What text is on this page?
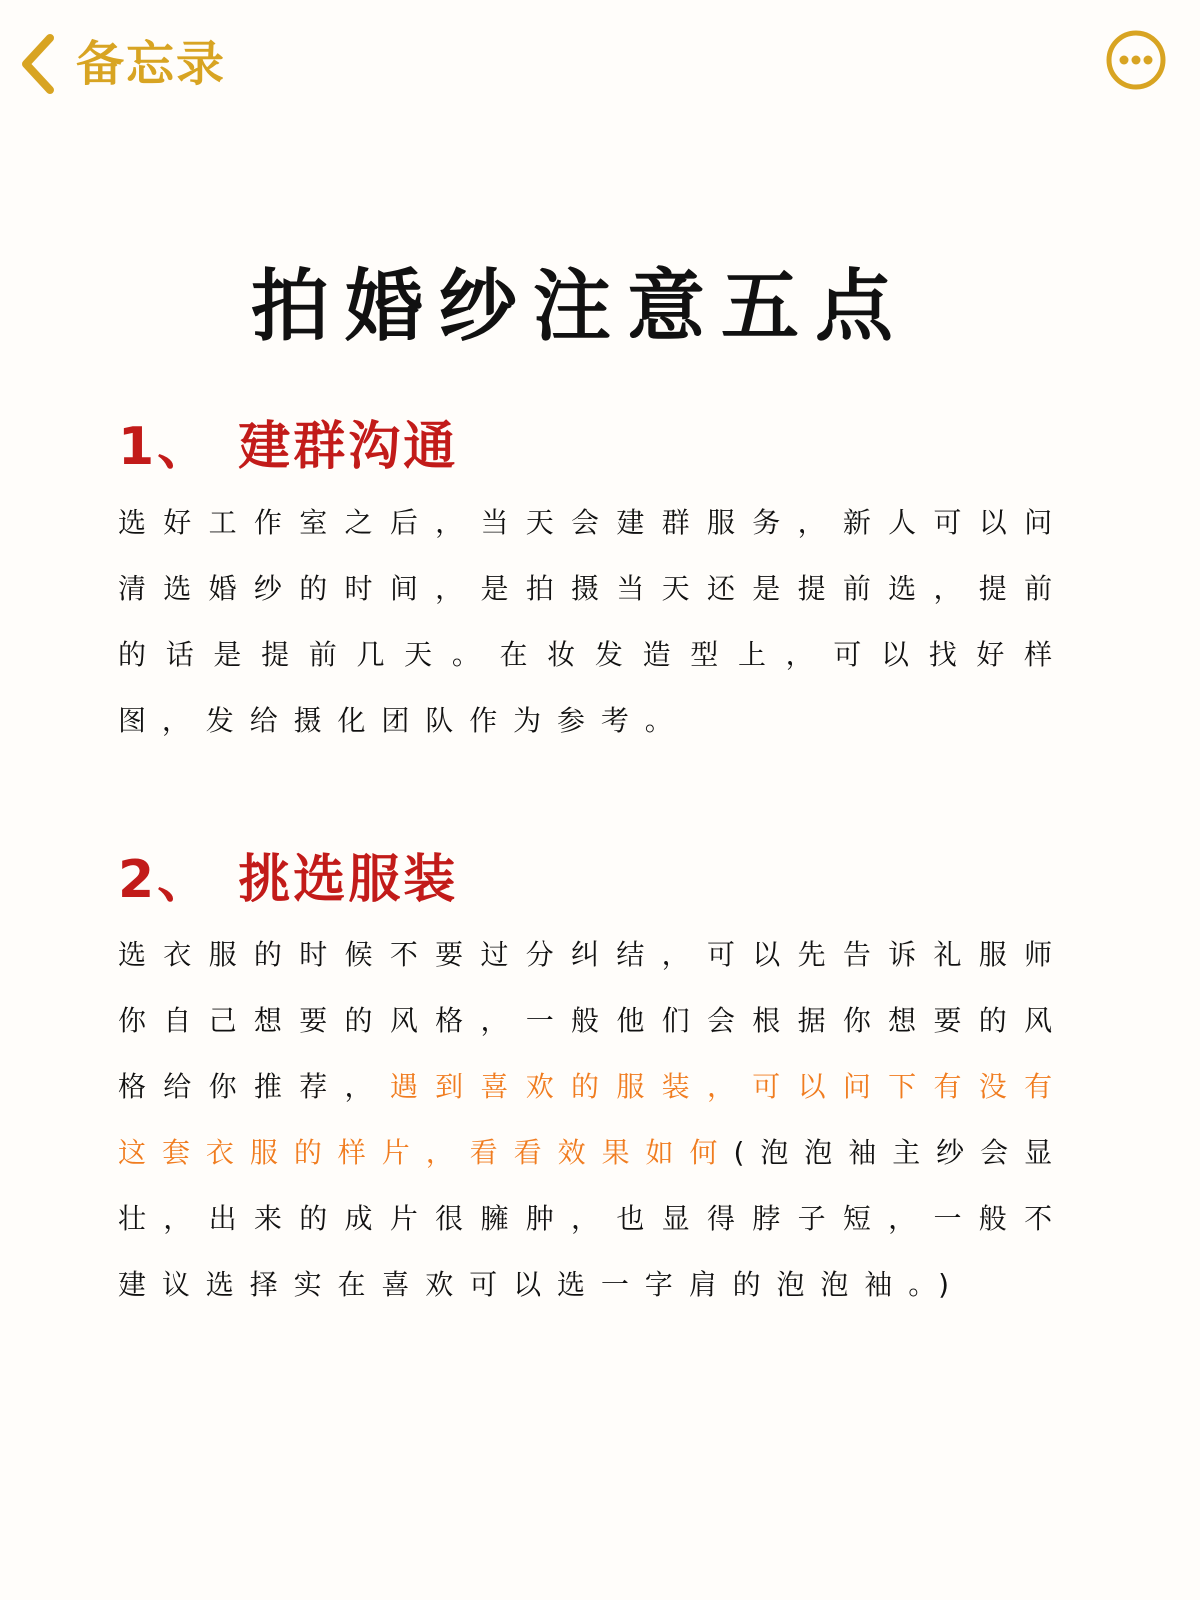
备忘录
拍婚纱注意五点
1、 建群沟通
选好工作室之后，当天会建群服务，新人可以问清选婚纱的时间，是拍摄当天还是提前选，提前的话是提前几天。在妆发造型上，可以找好样图，发给摄化团队作为参考。
2、 挑选服装
选衣服的时候不要过分纠结，可以先告诉礼服师你自己想要的风格，一般他们会根据你想要的风格给你推荐，遇到喜欢的服装，可以问下有没有这套衣服的样片，看看效果如何(泡泡袖主纱会显壮，出来的成片很臃肿，也显得脖子短，一般不建议选择实在喜欢可以选一字肩的泡泡袖。)
